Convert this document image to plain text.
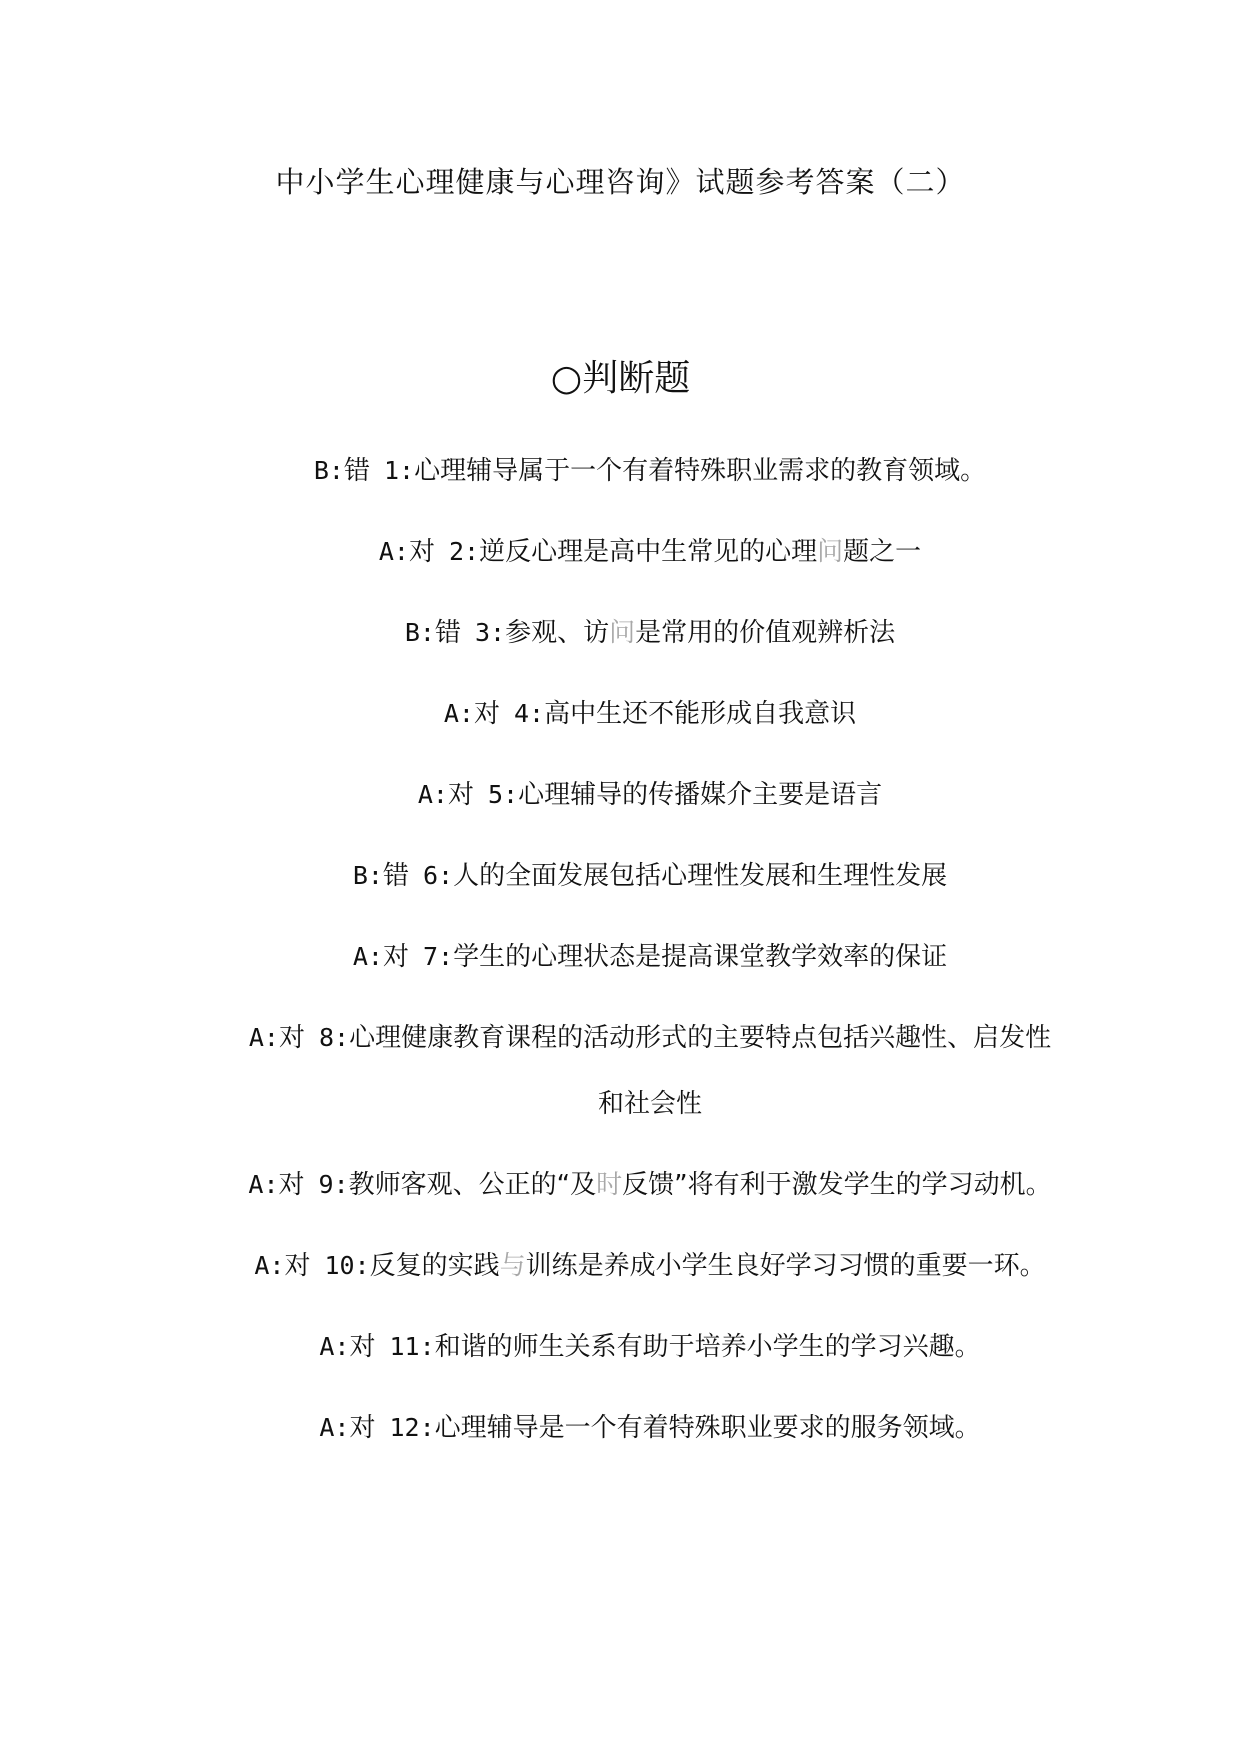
中小学生心理健康与心理咨询》试题参考答案（二）
○判断题
B:错 1:心理辅导属于一个有着特殊职业需求的教育领域。
A:对 2:逆反心理是高中生常见的心理问题之一
B:错 3:参观、访问是常用的价值观辨析法
A:对 4:高中生还不能形成自我意识
A:对 5:心理辅导的传播媒介主要是语言
B:错 6:人的全面发展包括心理性发展和生理性发展
A:对 7:学生的心理状态是提高课堂教学效率的保证
A:对 8:心理健康教育课程的活动形式的主要特点包括兴趣性、启发性和社会性
A:对 9:教师客观、公正的“及时反馈”将有利于激发学生的学习动机。
A:对 10:反复的实践与训练是养成小学生良好学习习惯的重要一环。
A:对 11:和谐的师生关系有助于培养小学生的学习兴趣。
A:对 12:心理辅导是一个有着特殊职业要求的服务领域。
